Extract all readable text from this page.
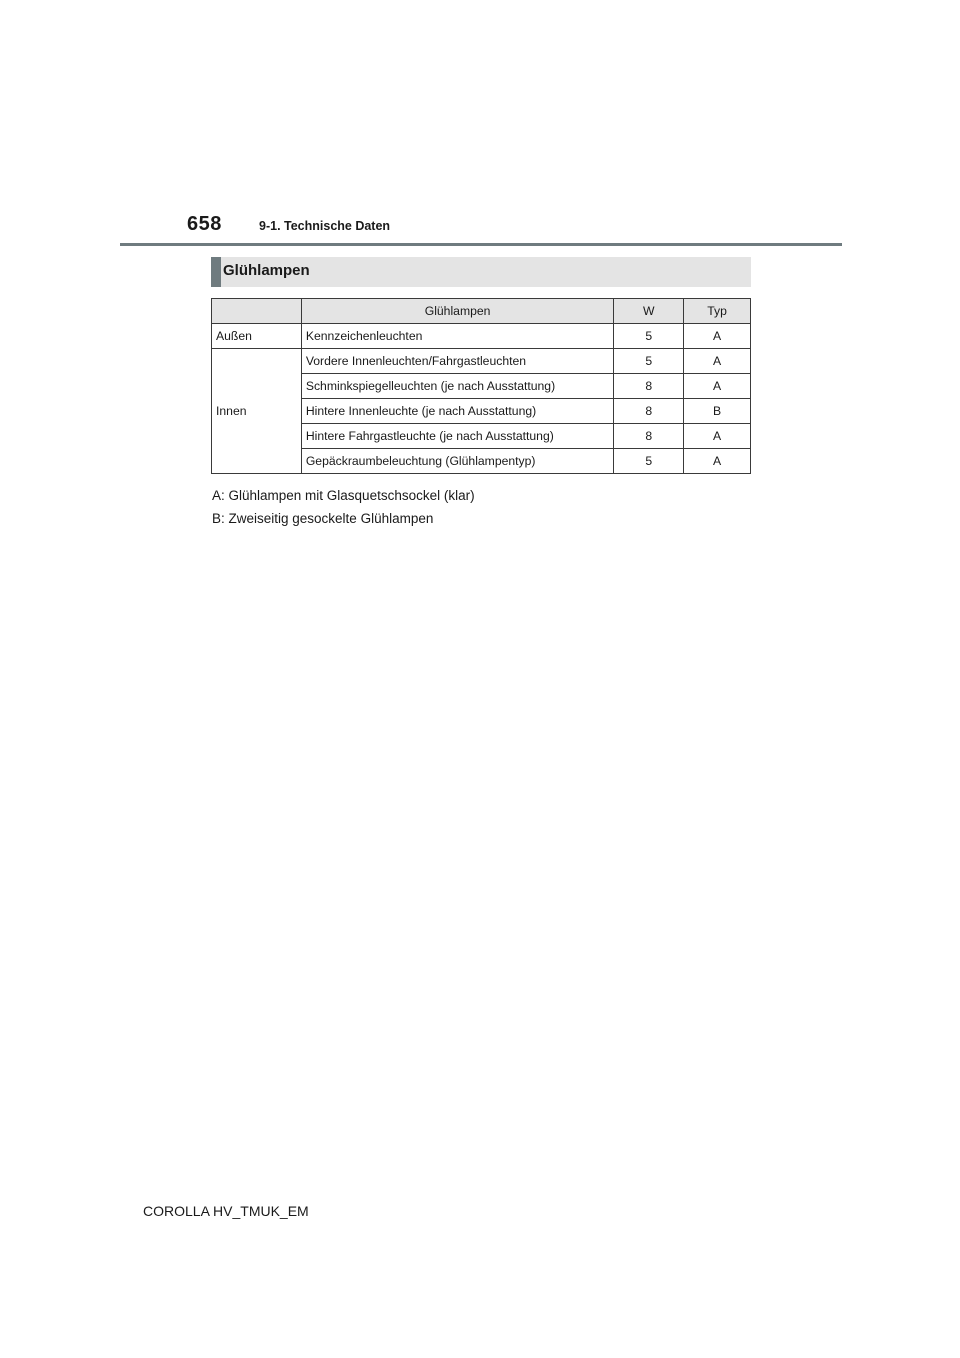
658	9-1. Technische Daten
Glühlampen
	Glühlampen	W	Typ
Außen	Kennzeichenleuchten	5	A
Innen	Vordere Innenleuchten/Fahrgastleuchten	5	A
	Schminkspiegelleuchten (je nach Ausstattung)	8	A
	Hintere Innenleuchte (je nach Ausstattung)	8	B
	Hintere Fahrgastleuchte (je nach Ausstattung)	8	A
	Gepäckraumbeleuchtung (Glühlampentyp)	5	A
A: Glühlampen mit Glasquetschsockel (klar)
B: Zweiseitig gesockelte Glühlampen
COROLLA HV_TMUK_EM
